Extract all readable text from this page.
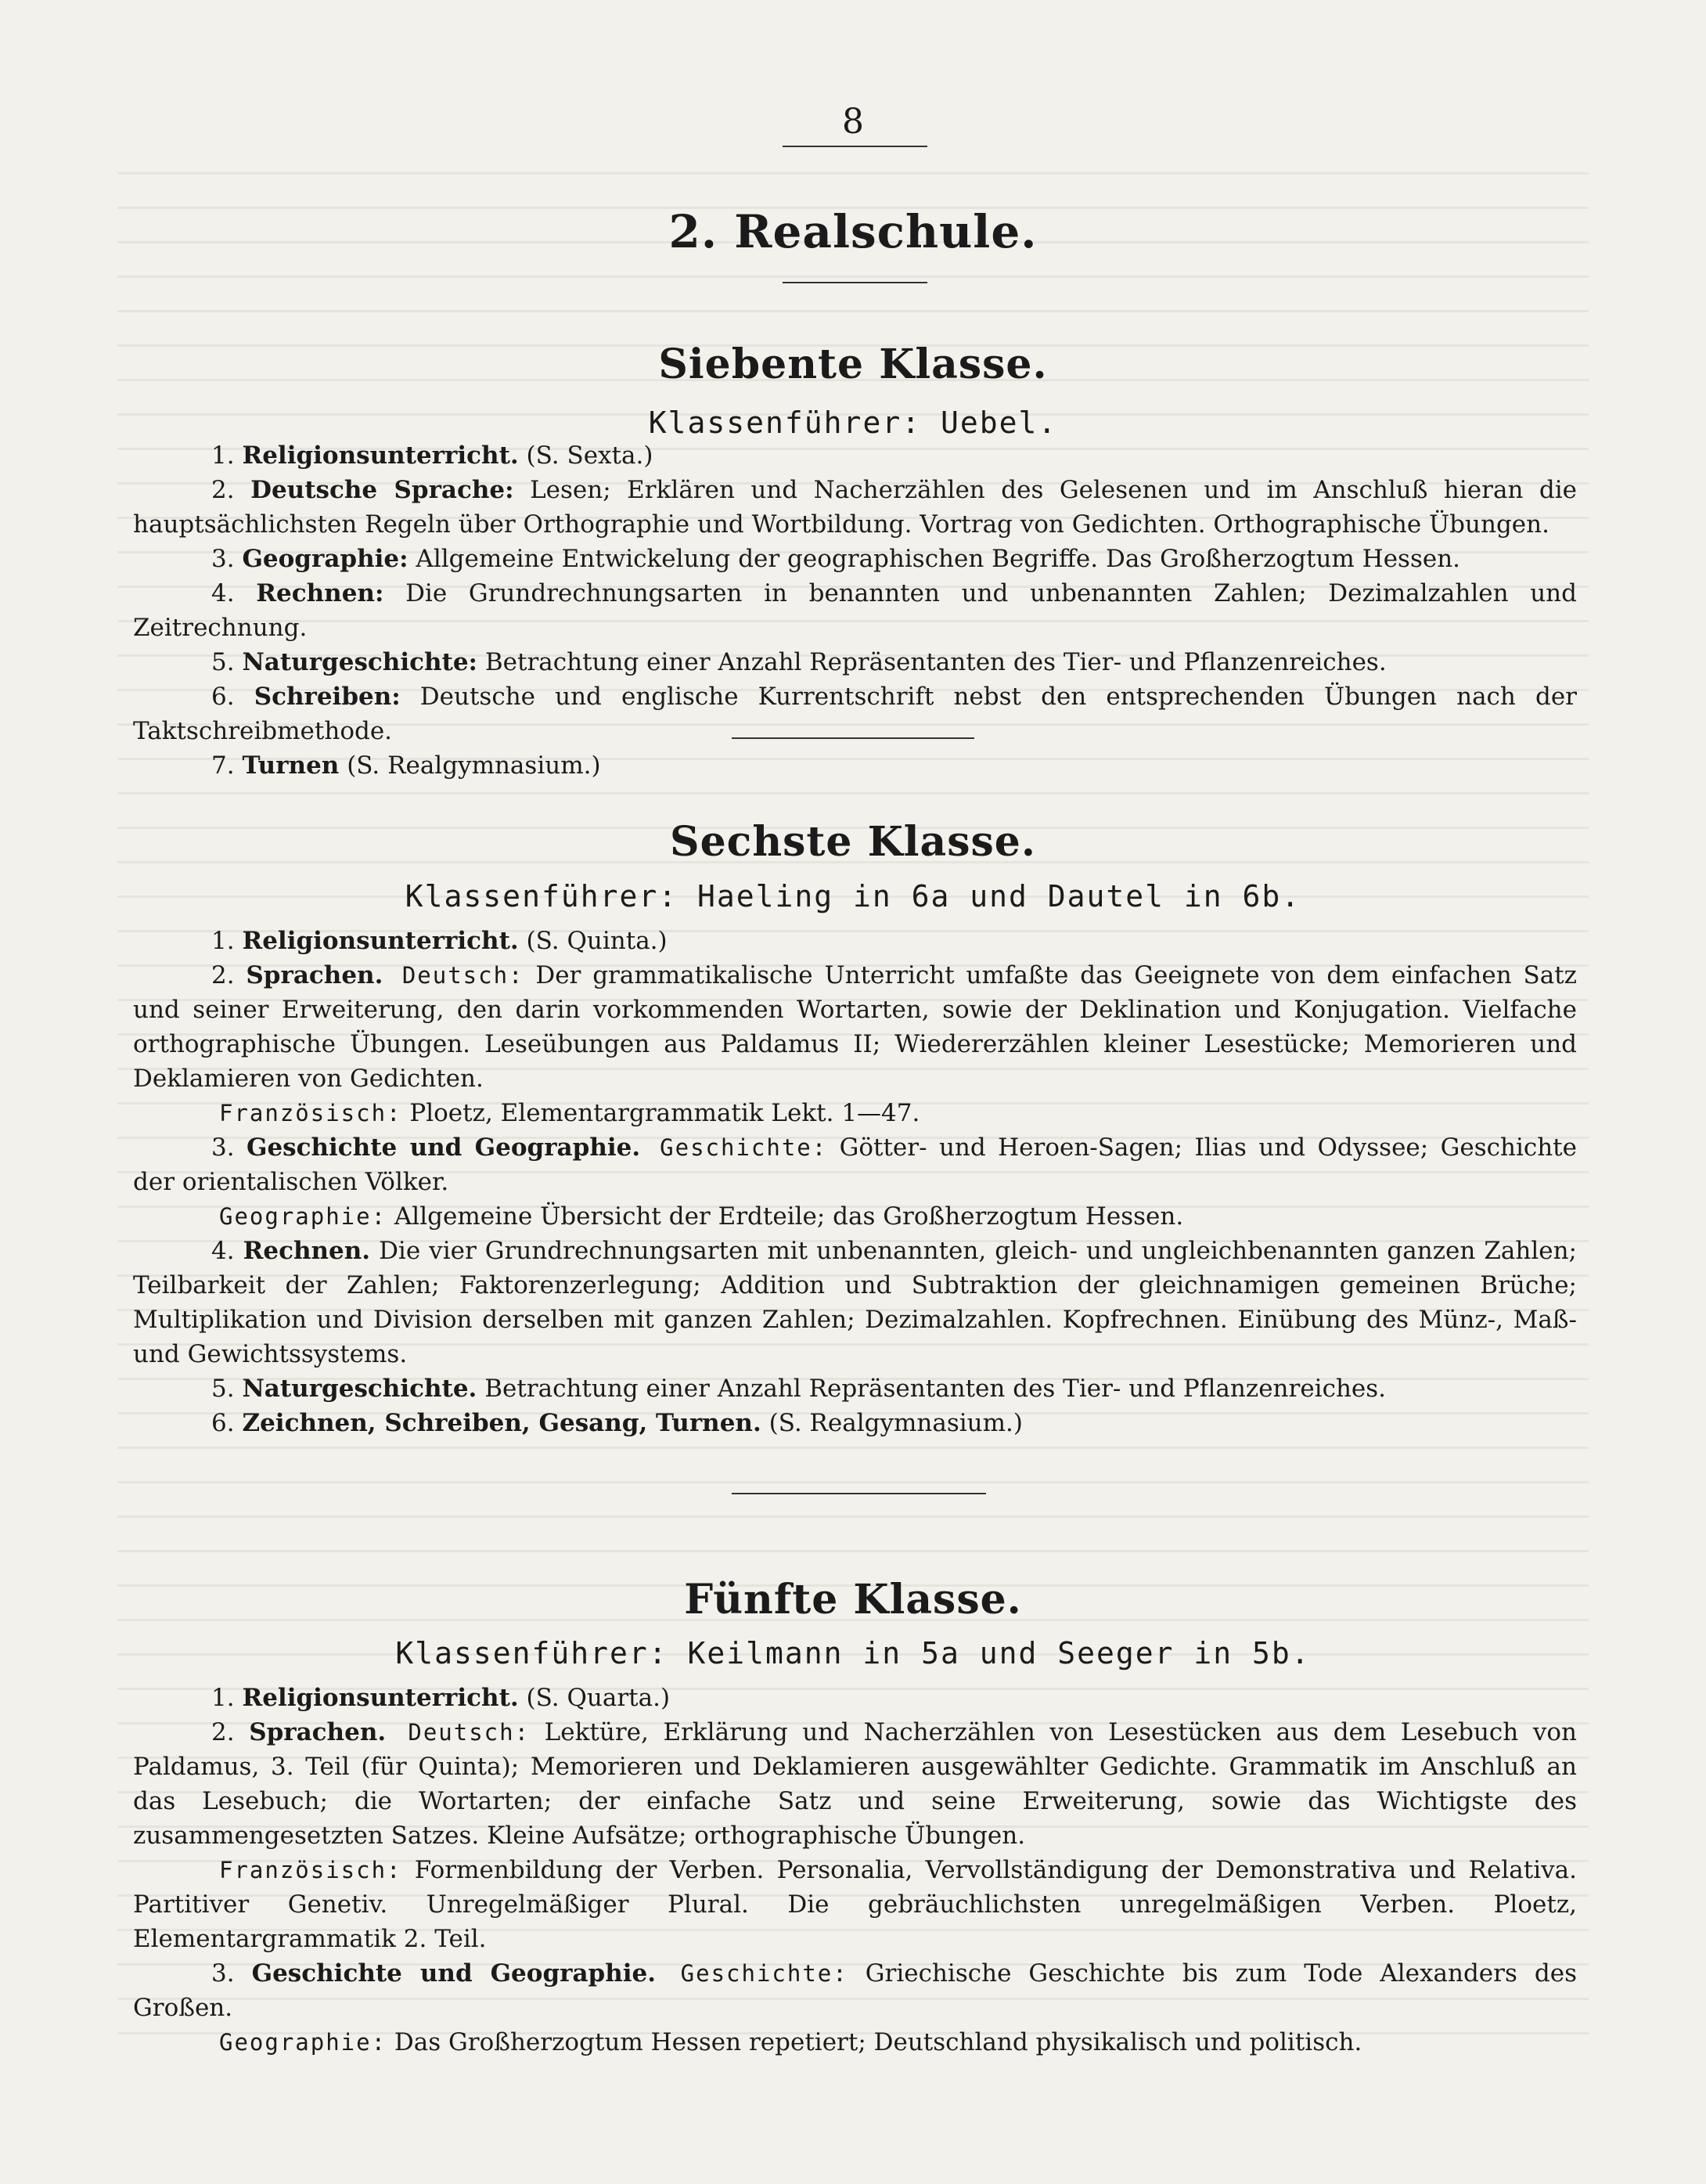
8
2. Realschule.
Siebente Klasse.
Klassenführer: Uebel.

1. Religionsunterricht. (S. Sexta.)

2. Deutsche Sprache: Lesen; Erklären und Nacherzählen des Gelesenen und im Anschluß hieran die hauptsächlichsten Regeln über Orthographie und Wortbildung. Vortrag von Gedichten. Orthographische Übungen.

3. Geographie: Allgemeine Entwickelung der geographischen Begriffe. Das Großherzogtum Hessen.

4. Rechnen: Die Grundrechnungsarten in benannten und unbenannten Zahlen; Dezimalzahlen und Zeitrechnung.

5. Naturgeschichte: Betrachtung einer Anzahl Repräsentanten des Tier- und Pflanzenreiches.

6. Schreiben: Deutsche und englische Kurrentschrift nebst den entsprechenden Übungen nach der Taktschreibmethode.

7. Turnen (S. Realgymnasium.)

Sechste Klasse.
Klassenführer: Haeling in 6a und Dautel in 6b.

1. Religionsunterricht. (S. Quinta.)

2. Sprachen. Deutsch: Der grammatikalische Unterricht umfaßte das Geeignete von dem einfachen Satz und seiner Erweiterung, den darin vorkommenden Wortarten, sowie der Deklination und Konjugation. Vielfache orthographische Übungen. Leseübungen aus Paldamus II; Wiedererzählen kleiner Lesestücke; Memorieren und Deklamieren von Gedichten.

Französisch: Ploetz, Elementargrammatik Lekt. 1—47.

3. Geschichte und Geographie. Geschichte: Götter- und Heroen-Sagen; Ilias und Odyssee; Geschichte der orientalischen Völker.

Geographie: Allgemeine Übersicht der Erdteile; das Großherzogtum Hessen.

4. Rechnen. Die vier Grundrechnungsarten mit unbenannten, gleich- und ungleichbenannten ganzen Zahlen; Teilbarkeit der Zahlen; Faktorenzerlegung; Addition und Subtraktion der gleichnamigen gemeinen Brüche; Multiplikation und Division derselben mit ganzen Zahlen; Dezimalzahlen. Kopfrechnen. Einübung des Münz-, Maß- und Gewichtssystems.

5. Naturgeschichte. Betrachtung einer Anzahl Repräsentanten des Tier- und Pflanzenreiches.

6. Zeichnen, Schreiben, Gesang, Turnen. (S. Realgymnasium.)

Fünfte Klasse.
Klassenführer: Keilmann in 5a und Seeger in 5b.

1. Religionsunterricht. (S. Quarta.)

2. Sprachen. Deutsch: Lektüre, Erklärung und Nacherzählen von Lesestücken aus dem Lesebuch von Paldamus, 3. Teil (für Quinta); Memorieren und Deklamieren ausgewählter Gedichte. Grammatik im Anschluß an das Lesebuch; die Wortarten; der einfache Satz und seine Erweiterung, sowie das Wichtigste des zusammengesetzten Satzes. Kleine Aufsätze; orthographische Übungen.

Französisch: Formenbildung der Verben. Personalia, Vervollständigung der Demonstrativa und Relativa. Partitiver Genetiv. Unregelmäßiger Plural. Die gebräuchlichsten unregelmäßigen Verben. Ploetz, Elementargrammatik 2. Teil.

3. Geschichte und Geographie. Geschichte: Griechische Geschichte bis zum Tode Alexanders des Großen.

Geographie: Das Großherzogtum Hessen repetiert; Deutschland physikalisch und politisch.
